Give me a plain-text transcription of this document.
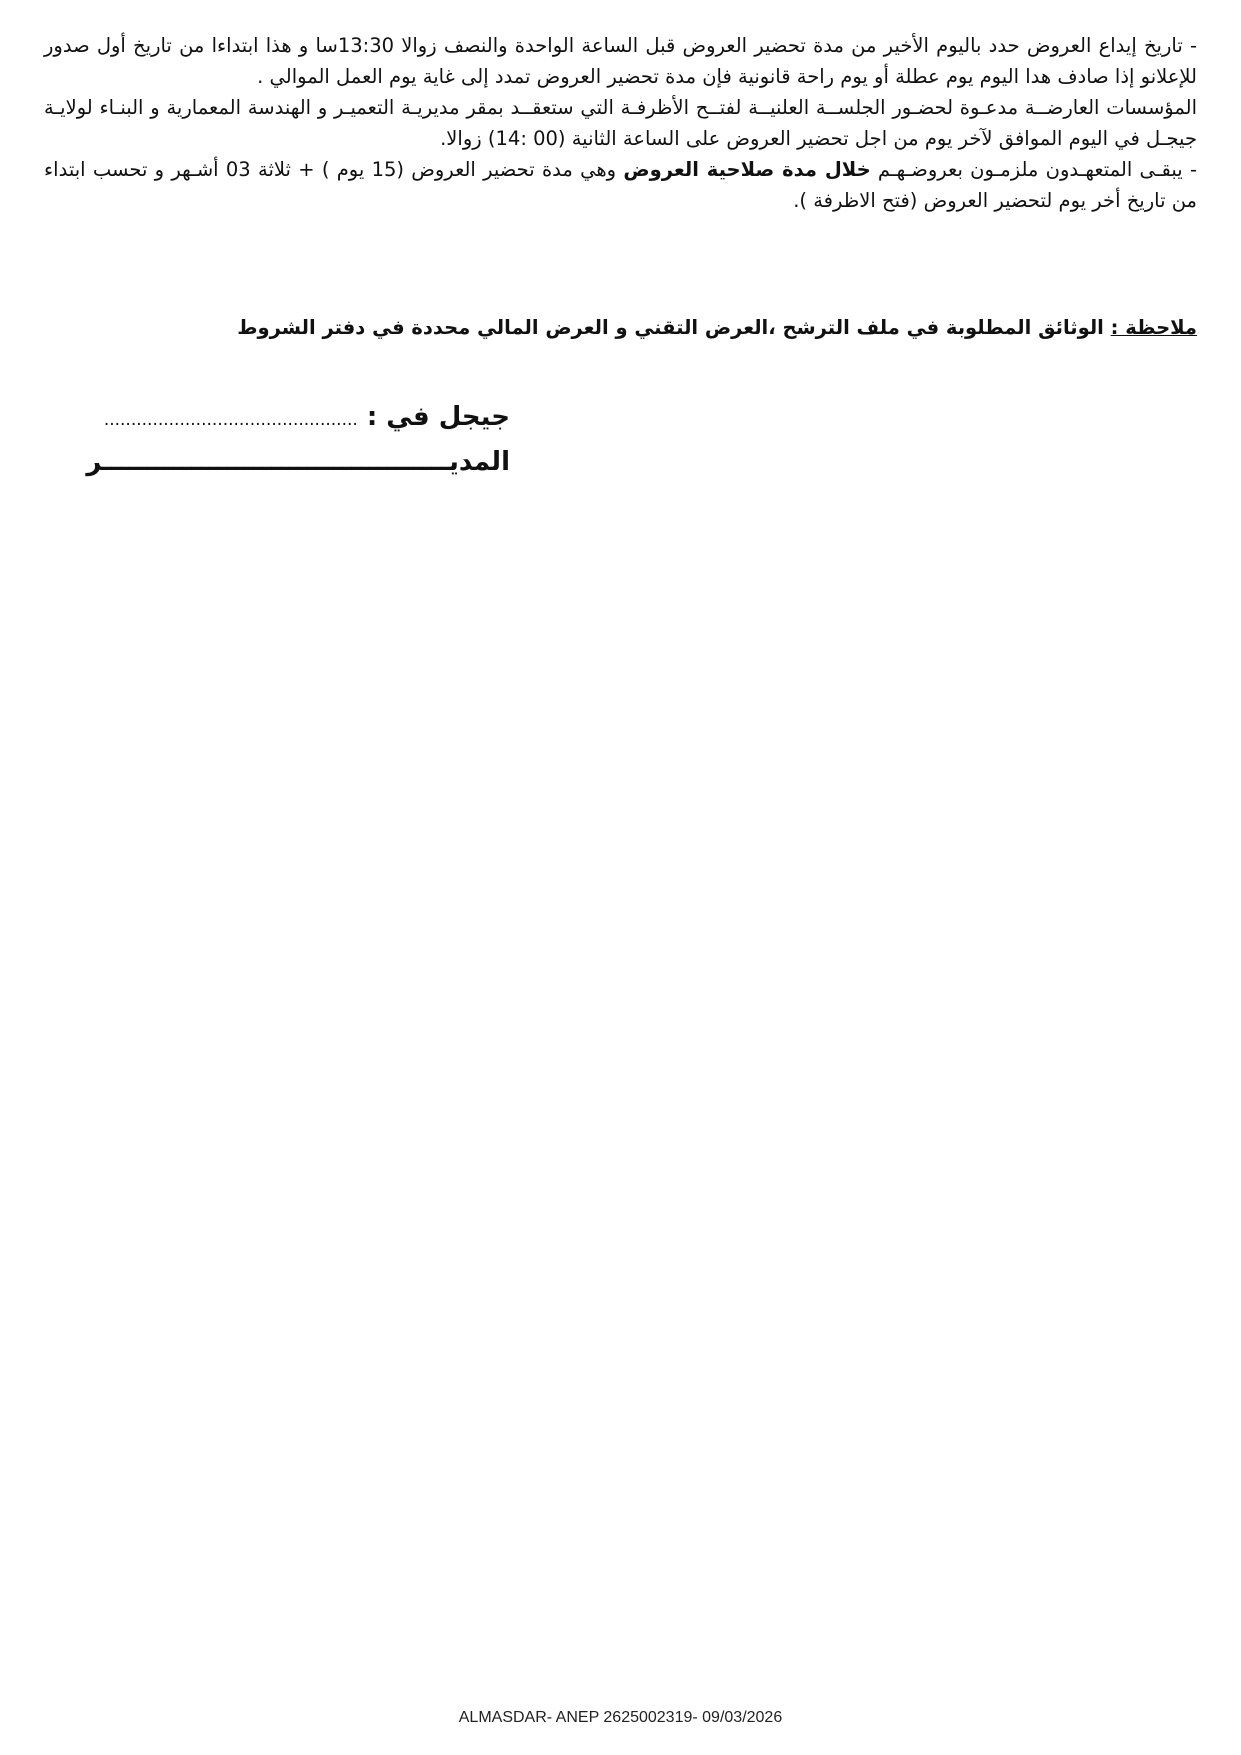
- تاريخ إيداع العروض حدد باليوم الأخير من مدة تحضير العروض قبل الساعة الواحدة والنصف زوالا 13:30سا و هذا ابتداءا من تاريخ أول صدور للإعلانو إذا صادف هدا اليوم يوم عطلة أو يوم راحة قانونية فإن مدة تحضير العروض تمدد إلى غاية يوم العمل الموالي .

المؤسسات العارضــة مدعـوة لحضـور الجلســة العلنيــة لفتــح الأظرفـة التي ستعقــد بمقر مديريـة التعميـر و الهندسة المعمارية و البنـاء لولايـة جيجـل في اليوم الموافق لآخر يوم من اجل تحضير العروض على الساعة الثانية (00 :14) زوالا.

- يبقـى المتعهـدون ملزمـون بعروضـهـم خلال مدة صلاحية العروض وهي مدة تحضير العروض (15 يوم ) + ثلاثة 03 أشـهر و تحسب ابتداء من تاريخ أخر يوم لتحضير العروض (فتح الاظرفة ).

ملاحظة : الوثائق المطلوبة في ملف الترشح ،العرض التقني و العرض المالي محددة في دفتر الشروط
جيجل في : ...............................................
المديـــــــــــــــــــــــــــــــــــــــر
ALMASDAR- ANEP 2625002319- 09/03/2026
